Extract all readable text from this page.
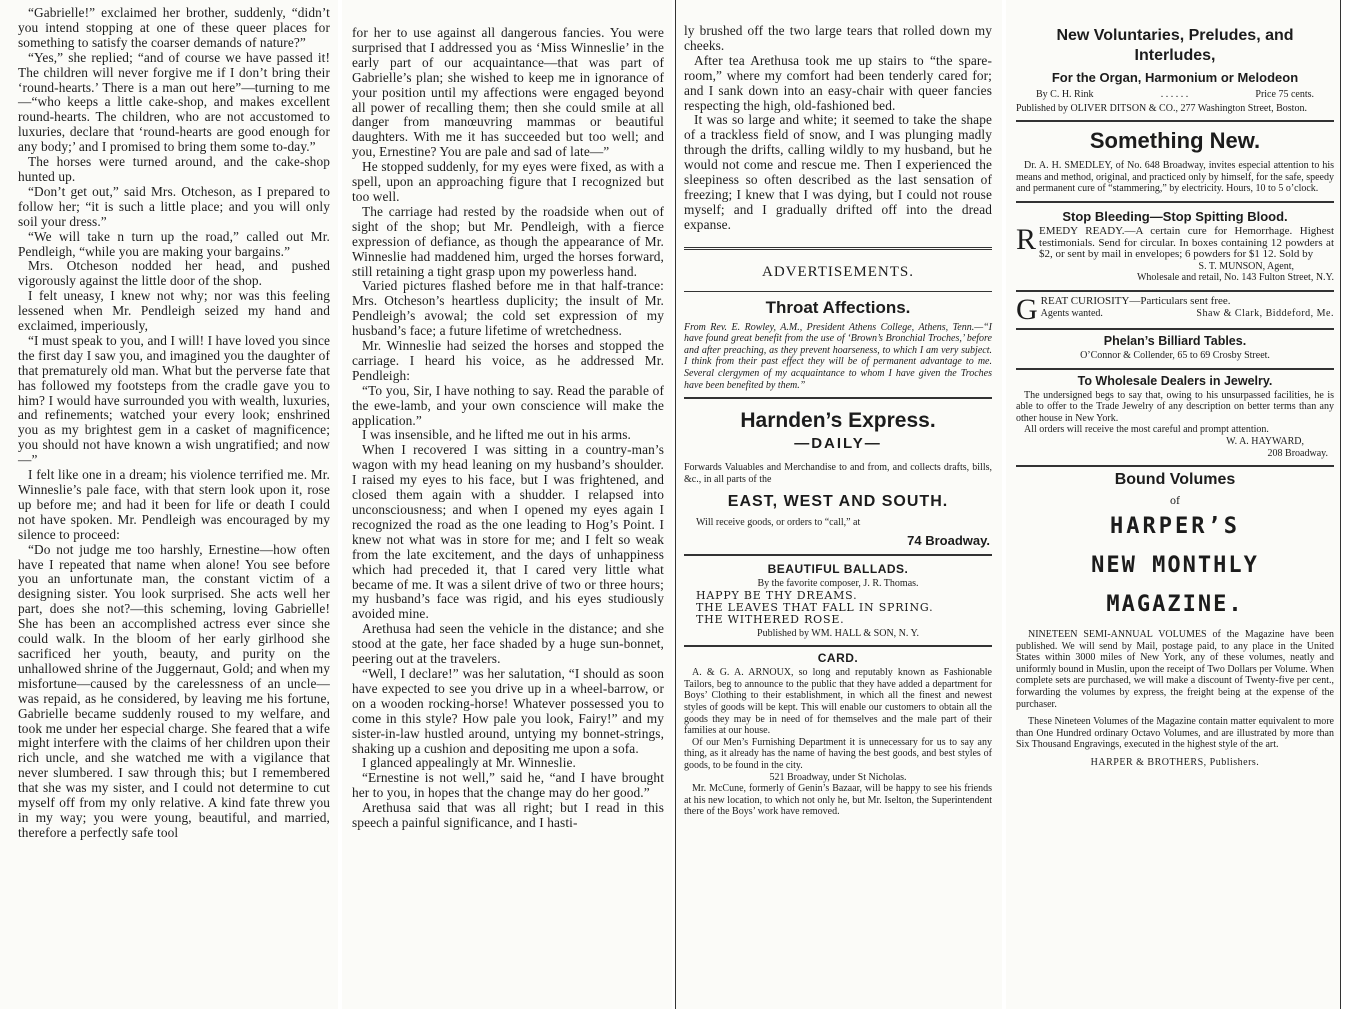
“Gabrielle!” exclaimed her brother, suddenly, “didn’t you intend stopping at one of these queer places for something to satisfy the coarser demands of nature?”

“Yes,” she replied; “and of course we have passed it! The children will never forgive me if I don’t bring their ‘round-hearts.’ There is a man out here”—turning to me—“who keeps a little cake-shop, and makes excellent round-hearts. The children, who are not accustomed to luxuries, declare that ‘round-hearts are good enough for any body;’ and I promised to bring them some to-day.”

The horses were turned around, and the cake-shop hunted up.

“Don’t get out,” said Mrs. Otcheson, as I prepared to follow her; “it is such a little place; and you will only soil your dress.”

“We will take n turn up the road,” called out Mr. Pendleigh, “while you are making your bargains.”

Mrs. Otcheson nodded her head, and pushed vigorously against the little door of the shop.

I felt uneasy, I knew not why; nor was this feeling lessened when Mr. Pendleigh seized my hand and exclaimed, imperiously,

“I must speak to you, and I will! I have loved you since the first day I saw you, and imagined you the daughter of that prematurely old man. What but the perverse fate that has followed my footsteps from the cradle gave you to him? I would have surrounded you with wealth, luxuries, and refinements; watched your every look; enshrined you as my brightest gem in a casket of magnificence; you should not have known a wish ungratified; and now—”

I felt like one in a dream; his violence terrified me. Mr. Winneslie’s pale face, with that stern look upon it, rose up before me; and had it been for life or death I could not have spoken. Mr. Pendleigh was encouraged by my silence to proceed:

“Do not judge me too harshly, Ernestine—how often have I repeated that name when alone! You see before you an unfortunate man, the constant victim of a designing sister. You look surprised. She acts well her part, does she not?—this scheming, loving Gabrielle! She has been an accomplished actress ever since she could walk. In the bloom of her early girlhood she sacrificed her youth, beauty, and purity on the unhallowed shrine of the Juggernaut, Gold; and when my misfortune—caused by the carelessness of an uncle—was repaid, as he considered, by leaving me his fortune, Gabrielle became suddenly roused to my welfare, and took me under her especial charge. She feared that a wife might interfere with the claims of her children upon their rich uncle, and she watched me with a vigilance that never slumbered. I saw through this; but I remembered that she was my sister, and I could not determine to cut myself off from my only relative. A kind fate threw you in my way; you were young, beautiful, and married, therefore a perfectly safe tool

for her to use against all dangerous fancies. You were surprised that I addressed you as ‘Miss Winneslie’ in the early part of our acquaintance—that was part of Gabrielle’s plan; she wished to keep me in ignorance of your position until my affections were engaged beyond all power of recalling them; then she could smile at all danger from manœuvring mammas or beautiful daughters. With me it has succeeded but too well; and you, Ernestine? You are pale and sad of late—”

He stopped suddenly, for my eyes were fixed, as with a spell, upon an approaching figure that I recognized but too well.

The carriage had rested by the roadside when out of sight of the shop; but Mr. Pendleigh, with a fierce expression of defiance, as though the appearance of Mr. Winneslie had maddened him, urged the horses forward, still retaining a tight grasp upon my powerless hand.

Varied pictures flashed before me in that half-trance: Mrs. Otcheson’s heartless duplicity; the insult of Mr. Pendleigh’s avowal; the cold set expression of my husband’s face; a future lifetime of wretchedness.

Mr. Winneslie had seized the horses and stopped the carriage. I heard his voice, as he addressed Mr. Pendleigh:

“To you, Sir, I have nothing to say. Read the parable of the ewe-lamb, and your own conscience will make the application.”

I was insensible, and he lifted me out in his arms.

When I recovered I was sitting in a country-man’s wagon with my head leaning on my husband’s shoulder. I raised my eyes to his face, but I was frightened, and closed them again with a shudder. I relapsed into unconsciousness; and when I opened my eyes again I recognized the road as the one leading to Hog’s Point. I knew not what was in store for me; and I felt so weak from the late excitement, and the days of unhappiness which had preceded it, that I cared very little what became of me. It was a silent drive of two or three hours; my husband’s face was rigid, and his eyes studiously avoided mine.

Arethusa had seen the vehicle in the distance; and she stood at the gate, her face shaded by a huge sun-bonnet, peering out at the travelers.

“Well, I declare!” was her salutation, “I should as soon have expected to see you drive up in a wheel-barrow, or on a wooden rocking-horse! Whatever possessed you to come in this style? How pale you look, Fairy!” and my sister-in-law hustled around, untying my bonnet-strings, shaking up a cushion and depositing me upon a sofa.

I glanced appealingly at Mr. Winneslie.

“Ernestine is not well,” said he, “and I have brought her to you, in hopes that the change may do her good.”

Arethusa said that was all right; but I read in this speech a painful significance, and I hasti-

ly brushed off the two large tears that rolled down my cheeks.

After tea Arethusa took me up stairs to “the spare-room,” where my comfort had been tenderly cared for; and I sank down into an easy-chair with queer fancies respecting the high, old-fashioned bed.

It was so large and white; it seemed to take the shape of a trackless field of snow, and I was plunging madly through the drifts, calling wildly to my husband, but he would not come and rescue me. Then I experienced the sleepiness so often described as the last sensation of freezing; I knew that I was dying, but I could not rouse myself; and I gradually drifted off into the dread expanse.

ADVERTISEMENTS.

Throat Affections.

From Rev. E. Rowley, A.M., President Athens College, Athens, Tenn.—“I have found great benefit from the use of ‘Brown’s Bronchial Troches,’ before and after preaching, as they prevent hoarseness, to which I am very subject. I think from their past effect they will be of permanent advantage to me. Several clergymen of my acquaintance to whom I have given the Troches have been benefited by them.”

Harnden’s Express.

—DAILY—

Forwards Valuables and Merchandise to and from, and collects drafts, bills, &c., in all parts of the

EAST, WEST AND SOUTH.

Will receive goods, or orders to “call,” at

74 Broadway.

BEAUTIFUL BALLADS.

By the favorite composer, J. R. Thomas.

HAPPY BE THY DREAMS.

THE LEAVES THAT FALL IN SPRING.

THE WITHERED ROSE.

Published by WM. HALL & SON, N. Y.

CARD.

A. & G. A. ARNOUX, so long and reputably known as Fashionable Tailors, beg to announce to the public that they have added a department for Boys’ Clothing to their establishment, in which all the finest and newest styles of goods will be kept. This will enable our customers to obtain all the goods they may be in need of for themselves and the male part of their families at our house.

Of our Men’s Furnishing Department it is unnecessary for us to say any thing, as it already has the name of having the best goods, and best styles of goods, to be found in the city.

521 Broadway, under St Nicholas.

Mr. McCune, formerly of Genin’s Bazaar, will be happy to see his friends at his new location, to which not only he, but Mr. Iselton, the Superintendent there of the Boys’ work have removed.

New Voluntaries, Preludes, and Interludes,

For the Organ, Harmonium or Melodeon

By C. H. Rink	. . . . . .	Price 75 cents.

Published by OLIVER DITSON & CO., 277 Washington Street, Boston.

Something New.

Dr. A. H. SMEDLEY, of No. 648 Broadway, invites especial attention to his means and method, original, and practiced only by himself, for the safe, speedy and permanent cure of “stammering,” by electricity. Hours, 10 to 5 o’clock.

Stop Bleeding—Stop Spitting Blood.

REMEDY READY.—A certain cure for Hemorrhage. Highest testimonials. Send for circular. In boxes containing 12 powders at $2, or sent by mail in envelopes; 6 powders for $1 12. Sold by

S. T. MUNSON, Agent,

Wholesale and retail, No. 143 Fulton Street, N.Y.

G REAT CURIOSITY—Particulars sent free.

Agents wanted.	Shaw & Clark, Biddeford, Me.

Phelan’s Billiard Tables.

O’Connor & Collender, 65 to 69 Crosby Street.

To Wholesale Dealers in Jewelry.

The undersigned begs to say that, owing to his unsurpassed facilities, he is able to offer to the Trade Jewelry of any description on better terms than any other house in New York.

All orders will receive the most careful and prompt attention.

W. A. HAYWARD,

208 Broadway.

Bound Volumes

of

HARPER’S

NEW MONTHLY

MAGAZINE.

NINETEEN SEMI-ANNUAL VOLUMES of the Magazine have been published. We will send by Mail, postage paid, to any place in the United States within 3000 miles of New York, any of these volumes, neatly and uniformly bound in Muslin, upon the receipt of Two Dollars per Volume. When complete sets are purchased, we will make a discount of Twenty-five per cent., forwarding the volumes by express, the freight being at the expense of the purchaser.

These Nineteen Volumes of the Magazine contain matter equivalent to more than One Hundred ordinary Octavo Volumes, and are illustrated by more than Six Thousand Engravings, executed in the highest style of the art.

HARPER & BROTHERS, Publishers.
